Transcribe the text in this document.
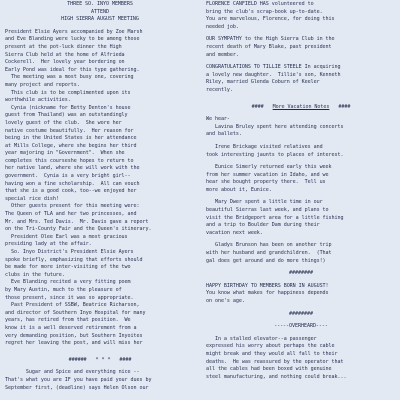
THREE SO. INYO MEMBERS

ATTEND

HIGH SIERRA AUGUST MEETING

President Elsie Ayers accompanied by Zoe Marsh

and Eve Blanding were lucky to be among those

present at the pot-luck dinner the High

Sierra Club held at the home of Alfrieda

Cockerell.  Her lovely year bordering on

Early Pond was ideal for this type gathering.

The meeting was a most busy one, covering

many project and reports.

This club is to be complimented upon its

worthwhile activities.

Cynia (nickname for Betty Denton's house

guest from Thailand) was an outstandingly

lovely guest of the club.  She wore her

native costume beautifully.  Her reason for

being in the United States is her attendance

at Mills College, where she begins her third

year majoring in "Government".  When she

completes this courseshe hopes to return to

her native land, where she will work with the

government.  Cynia is a very bright girl--

having won a fine scholarship.  All can vouch

that she is a good cook, too--we enjoyed her

special rice dish!

Other guests present for this meeting were:

The Queen of TLA and her two princesses, and

Mr. and Mrs. Ted Davis.  Mr. Davis gave a report

on the Tri-County Fair and the Queen's itinerary.

President Olee Earl was a most gracious

presiding lady at the affair.

So. Inyo District's President Elsie Ayers

spoke briefly, emphasizing that efforts should

be made for more inter-visiting of the two

clubs in the future.

Eve Blanding recited a very fitting poem

by Mary Austin, much to the pleasure of

those present, since it was so appropriate.

Past President of SSBW, Beatrice Richarson,

and director of Southern Inyo Hospital for many

years, has retired from that position.  We

know it is a well deserved retirement from a

very demanding position, but Southern Inyoites

regret her leaving the post, and will miss her

######   * * *   ####

Sugar and Spice and everything nice --

That's what you are IF you have paid your dues by

September first, (deadline) says Helen Olson our

FLORENCE CANFIELD HAS volunteered to

bring the club's scrap-book up-to-date.

You are marvelous, Florence, for doing this

needed job.

OUR SYMPATHY to the High Sierra Club in the

recent death of Mary Blake, past president

and member.

CONGRATULATIONS TO TILLIE STEELE In acquiring

a lovely new daughter.  Tillie's son, Kenneth

Riley, married Glenda Coburn of Keeler

recently.

#### More Vacation Notes ####

We hear-

Lavina Bruley spent here attending concerts

and ballets.

Irene Brickage visited relatives and

took interesting jaunts to places of interest.

Eunice Simerly returned early this week

from her summer vacation in Idaho, and we

hear she bought property there.  Tell us

more about it, Eunice.

Mary Dwer spent a little time in our

beautiful Sierras last week, and plans to

visit the Bridgeport area for a little fishing

and a trip to Boulder Dam during their

vacation next week.

Gladys Brunson has been on another trip

with her husband and grandchildren.  (That

gal does get around and do more things!)

########

HAPPY BIRTHDAY TO MEMBERS BORN IN AUGUST!

You know what makes for happiness depends

on one's age.

########

-----OVERHEARD----

In a stalled elevator--a passenger

expressed his worry about perhaps the cable

might break and they would all fall to their

deaths.  He was reassured by the operator that

all the cables had been boxed with genuine

steel manufacturing, and nothing could break...
